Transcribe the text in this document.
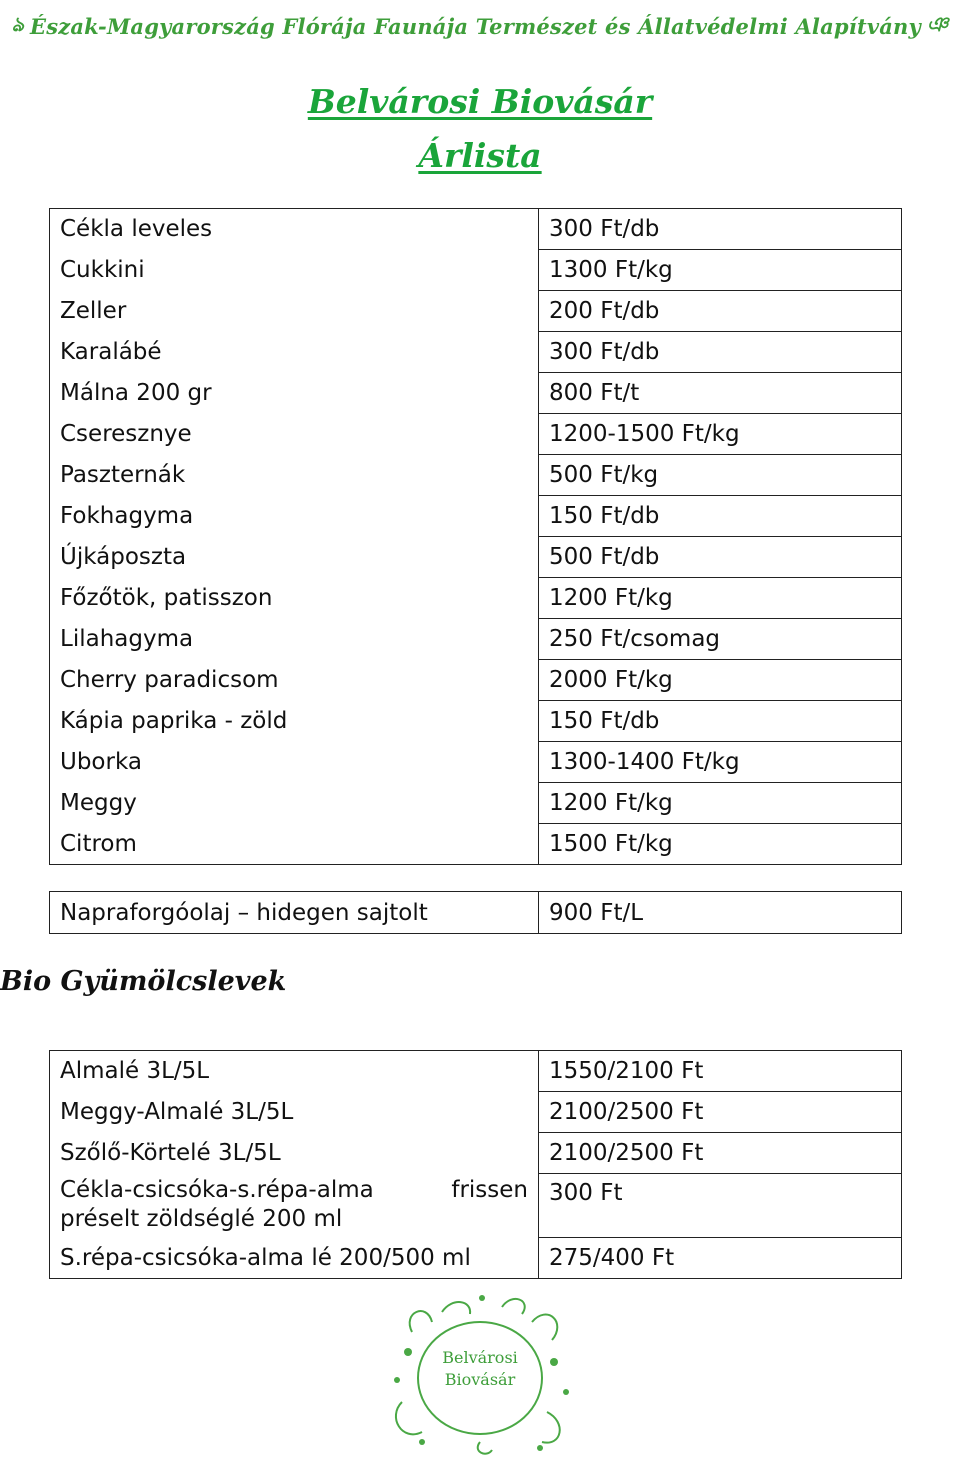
ঌ Észak-Magyarország Flórája Faunája Természet és Állatvédelmi Alapítvány ঞ
Belvárosi Biovásár
Árlista
Cékla leveles	300 Ft/db
Cukkini	1300 Ft/kg
Zeller	200 Ft/db
Karalábé	300 Ft/db
Málna 200 gr	800 Ft/t
Cseresznye	1200-1500 Ft/kg
Paszternák	500 Ft/kg
Fokhagyma	150 Ft/db
Újkáposzta	500 Ft/db
Főzőtök, patisszon	1200 Ft/kg
Lilahagyma	250 Ft/csomag
Cherry paradicsom	2000 Ft/kg
Kápia paprika - zöld	150 Ft/db
Uborka	1300-1400 Ft/kg
Meggy	1200 Ft/kg
Citrom	1500 Ft/kg
Napraforgóolaj – hidegen sajtolt	900 Ft/L
Bio Gyümölcslevek
Almalé 3L/5L	1550/2100 Ft
Meggy-Almalé 3L/5L	2100/2500 Ft
Szőlő-Körtelé 3L/5L	2100/2500 Ft
Cékla-csicsóka-s.répa-alma frissen préselt zöldséglé 200 ml	300 Ft
S.répa-csicsóka-alma lé 200/500 ml	275/400 Ft
Belvárosi
Biovásár
